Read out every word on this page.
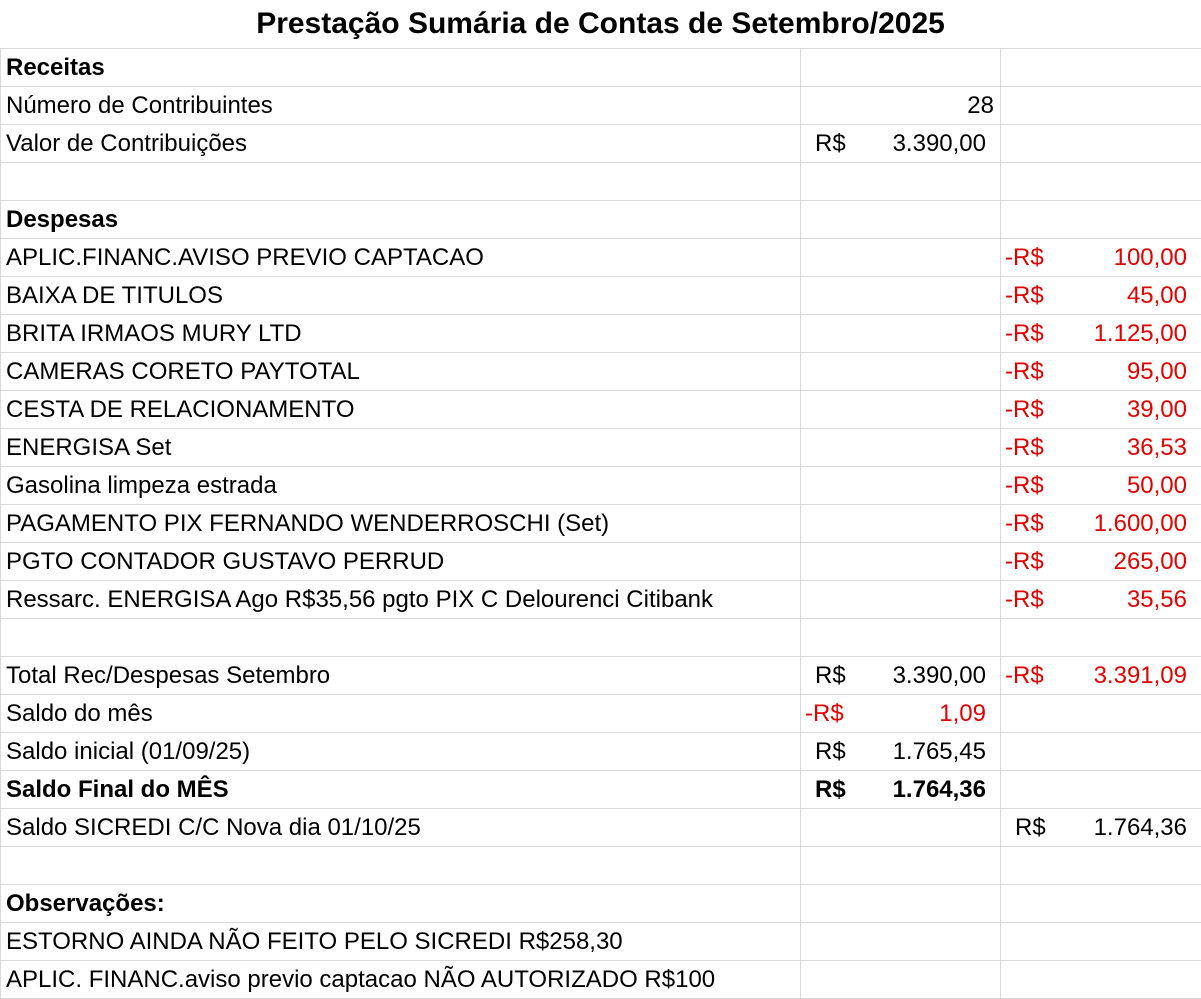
Prestação Sumária de Contas de Setembro/2025
Receitas		
Número de Contribuintes	28	
Valor de Contribuições	R$ 3.390,00	

Despesas		
APLIC.FINANC.AVISO PREVIO CAPTACAO		-R$ 100,00

BAIXA DE TITULOS		-R$ 45,00

BRITA IRMAOS MURY LTD		-R$ 1.125,00

CAMERAS CORETO PAYTOTAL		-R$ 95,00

CESTA DE RELACIONAMENTO		-R$ 39,00

ENERGISA Set		-R$ 36,53

Gasolina limpeza estrada		-R$ 50,00

PAGAMENTO PIX FERNANDO WENDERROSCHI (Set)		-R$ 1.600,00

PGTO CONTADOR GUSTAVO PERRUD		-R$ 265,00

Ressarc. ENERGISA Ago R$35,56 pgto PIX C Delourenci Citibank		-R$ 35,56

Total Rec/Despesas Setembro	R$ 3.390,00	-R$ 3.391,09

Saldo do mês	-R$ 1,09	

Saldo inicial (01/09/25)	R$ 1.765,45	

Saldo Final do MÊS	R$ 1.764,36	

Saldo SICREDI C/C Nova dia 01/10/25		R$ 1.764,36

Observações:		
ESTORNO AINDA NÃO FEITO PELO SICREDI R$258,30		
APLIC. FINANC.aviso previo captacao NÃO AUTORIZADO R$100		
